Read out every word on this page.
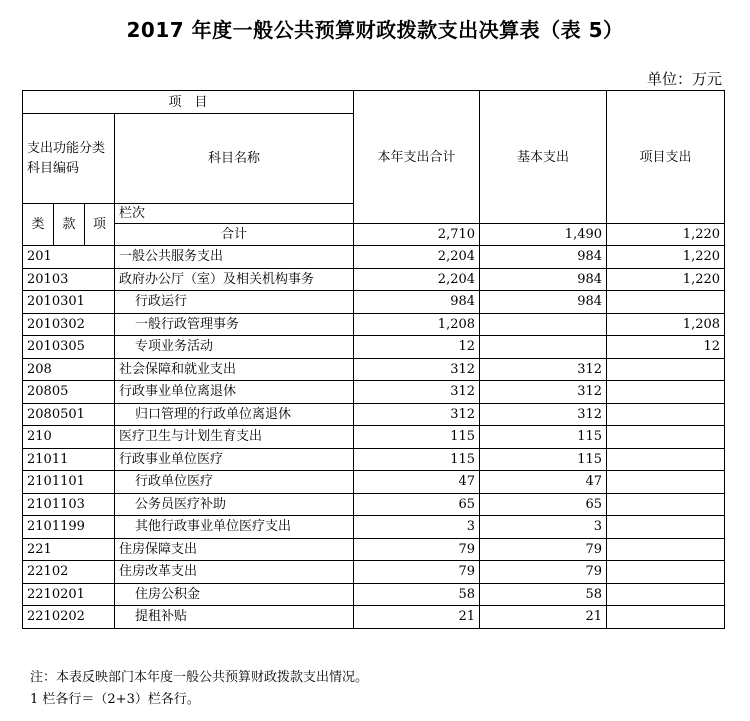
2017 年度一般公共预算财政拨款支出决算表（表 5）
单位：万元
项　目				本年支出合计	基本支出	项目支出	
支出功能分类科目编码			科目名称				
类	款	项	栏次			
			合计	2,710	1,490	1,220	
201			一般公共服务支出	2,204	984	1,220	
20103			政府办公厅（室）及相关机构事务	2,204	984	1,220	
2010301			行政运行	984	984		
2010302			一般行政管理事务	1,208		1,208	
2010305			专项业务活动	12		12	
208			社会保障和就业支出	312	312		
20805			行政事业单位离退休	312	312		
2080501			归口管理的行政单位离退休	312	312		
210			医疗卫生与计划生育支出	115	115		
21011			行政事业单位医疗	115	115		
2101101			行政单位医疗	47	47		
2101103			公务员医疗补助	65	65		
2101199			其他行政事业单位医疗支出	3	3		
221			住房保障支出	79	79		
22102			住房改革支出	79	79		
2210201			住房公积金	58	58		
2210202			提租补贴	21	21		
注：本表反映部门本年度一般公共预算财政拨款支出情况。
1 栏各行＝（2+3）栏各行。
